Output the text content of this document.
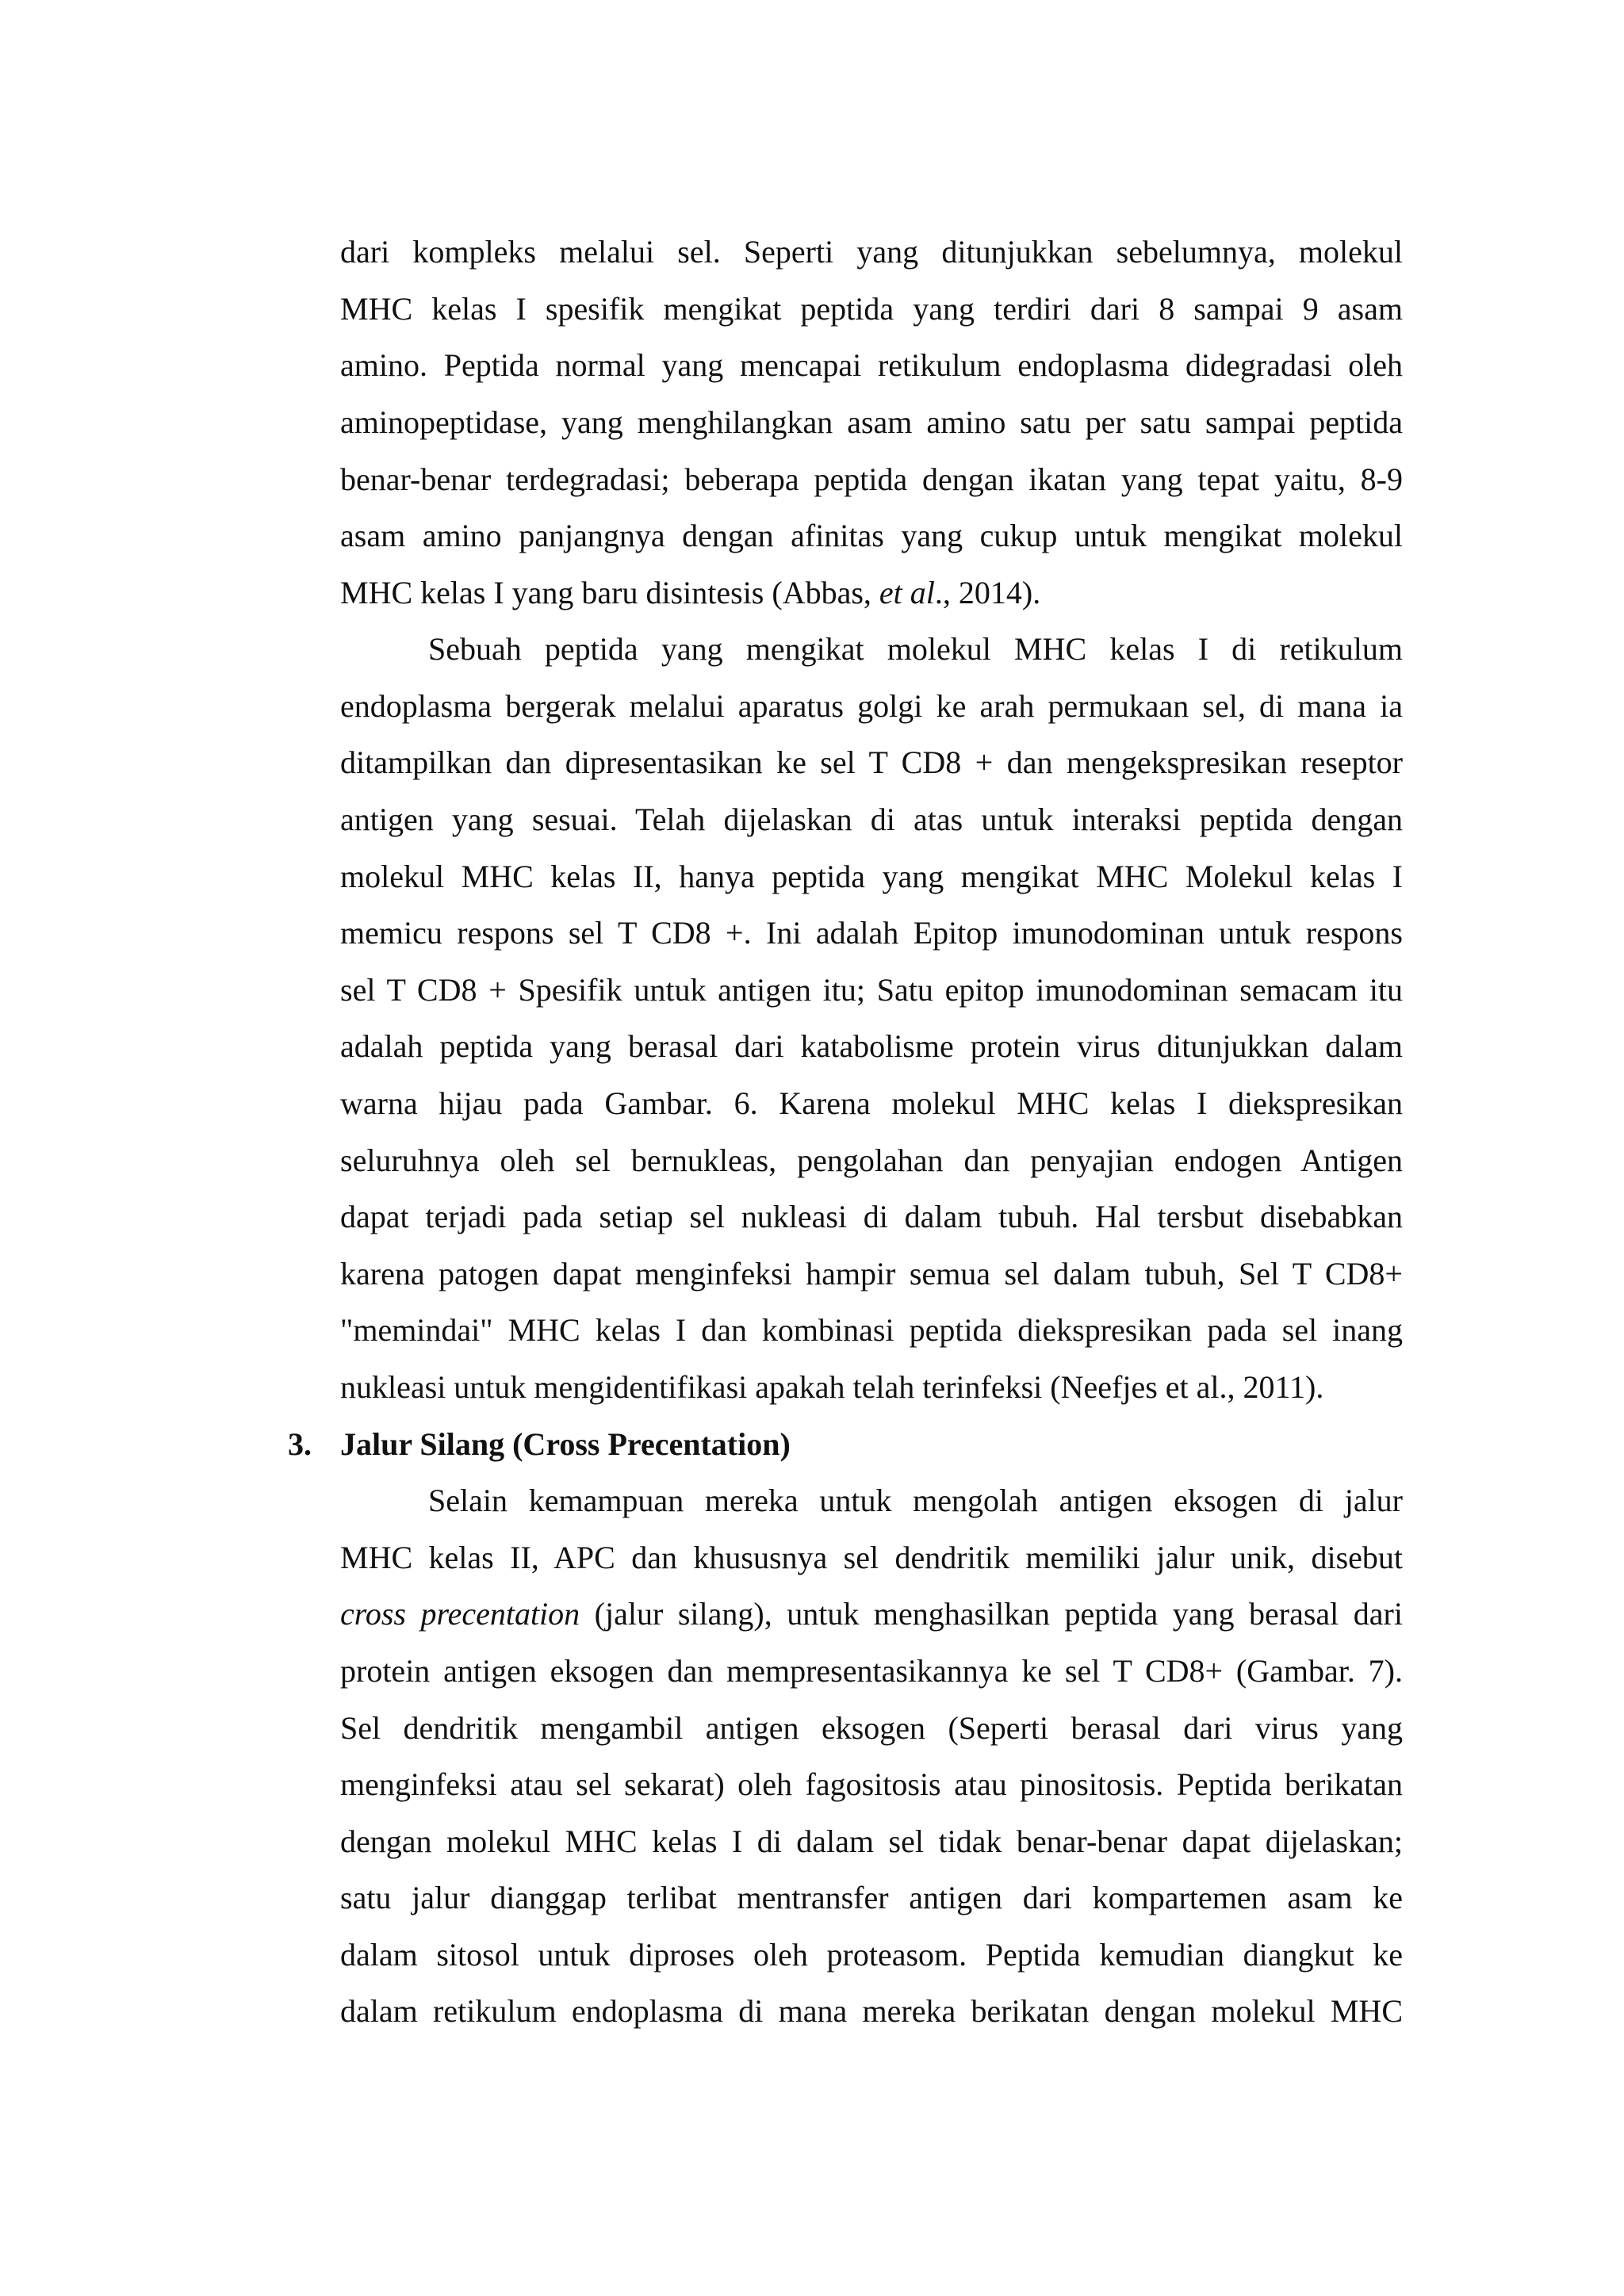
dari kompleks melalui sel. Seperti yang ditunjukkan sebelumnya, molekul
MHC kelas I spesifik mengikat peptida yang terdiri dari 8 sampai 9 asam
amino. Peptida normal yang mencapai retikulum endoplasma didegradasi oleh
aminopeptidase, yang menghilangkan asam amino satu per satu sampai peptida
benar-benar terdegradasi; beberapa peptida dengan ikatan yang tepat yaitu, 8-9
asam amino panjangnya dengan afinitas yang cukup untuk mengikat molekul
MHC kelas I yang baru disintesis (Abbas, et al., 2014).
Sebuah peptida yang mengikat molekul MHC kelas I di retikulum
endoplasma bergerak melalui aparatus golgi ke arah permukaan sel, di mana ia
ditampilkan dan dipresentasikan ke sel T CD8 + dan mengekspresikan reseptor
antigen yang sesuai. Telah dijelaskan di atas untuk interaksi peptida dengan
molekul MHC kelas II, hanya peptida yang mengikat MHC Molekul kelas I
memicu respons sel T CD8 +. Ini adalah Epitop imunodominan untuk respons
sel T CD8 + Spesifik untuk antigen itu; Satu epitop imunodominan semacam itu
adalah peptida yang berasal dari katabolisme protein virus ditunjukkan dalam
warna hijau pada Gambar. 6. Karena molekul MHC kelas I diekspresikan
seluruhnya oleh sel bernukleas, pengolahan dan penyajian endogen Antigen
dapat terjadi pada setiap sel nukleasi di dalam tubuh. Hal tersbut disebabkan
karena patogen dapat menginfeksi hampir semua sel dalam tubuh, Sel T CD8+
"memindai" MHC kelas I dan kombinasi peptida diekspresikan pada sel inang
nukleasi untuk mengidentifikasi apakah telah terinfeksi (Neefjes et al., 2011).
3. Jalur Silang (Cross Precentation)
Selain kemampuan mereka untuk mengolah antigen eksogen di jalur
MHC kelas II, APC dan khususnya sel dendritik memiliki jalur unik, disebut
cross precentation (jalur silang), untuk menghasilkan peptida yang berasal dari
protein antigen eksogen dan mempresentasikannya ke sel T CD8+ (Gambar. 7).
Sel dendritik mengambil antigen eksogen (Seperti berasal dari virus yang
menginfeksi atau sel sekarat) oleh fagositosis atau pinositosis. Peptida berikatan
dengan molekul MHC kelas I di dalam sel tidak benar-benar dapat dijelaskan;
satu jalur dianggap terlibat mentransfer antigen dari kompartemen asam ke
dalam sitosol untuk diproses oleh proteasom. Peptida kemudian diangkut ke
dalam retikulum endoplasma di mana mereka berikatan dengan molekul MHC
